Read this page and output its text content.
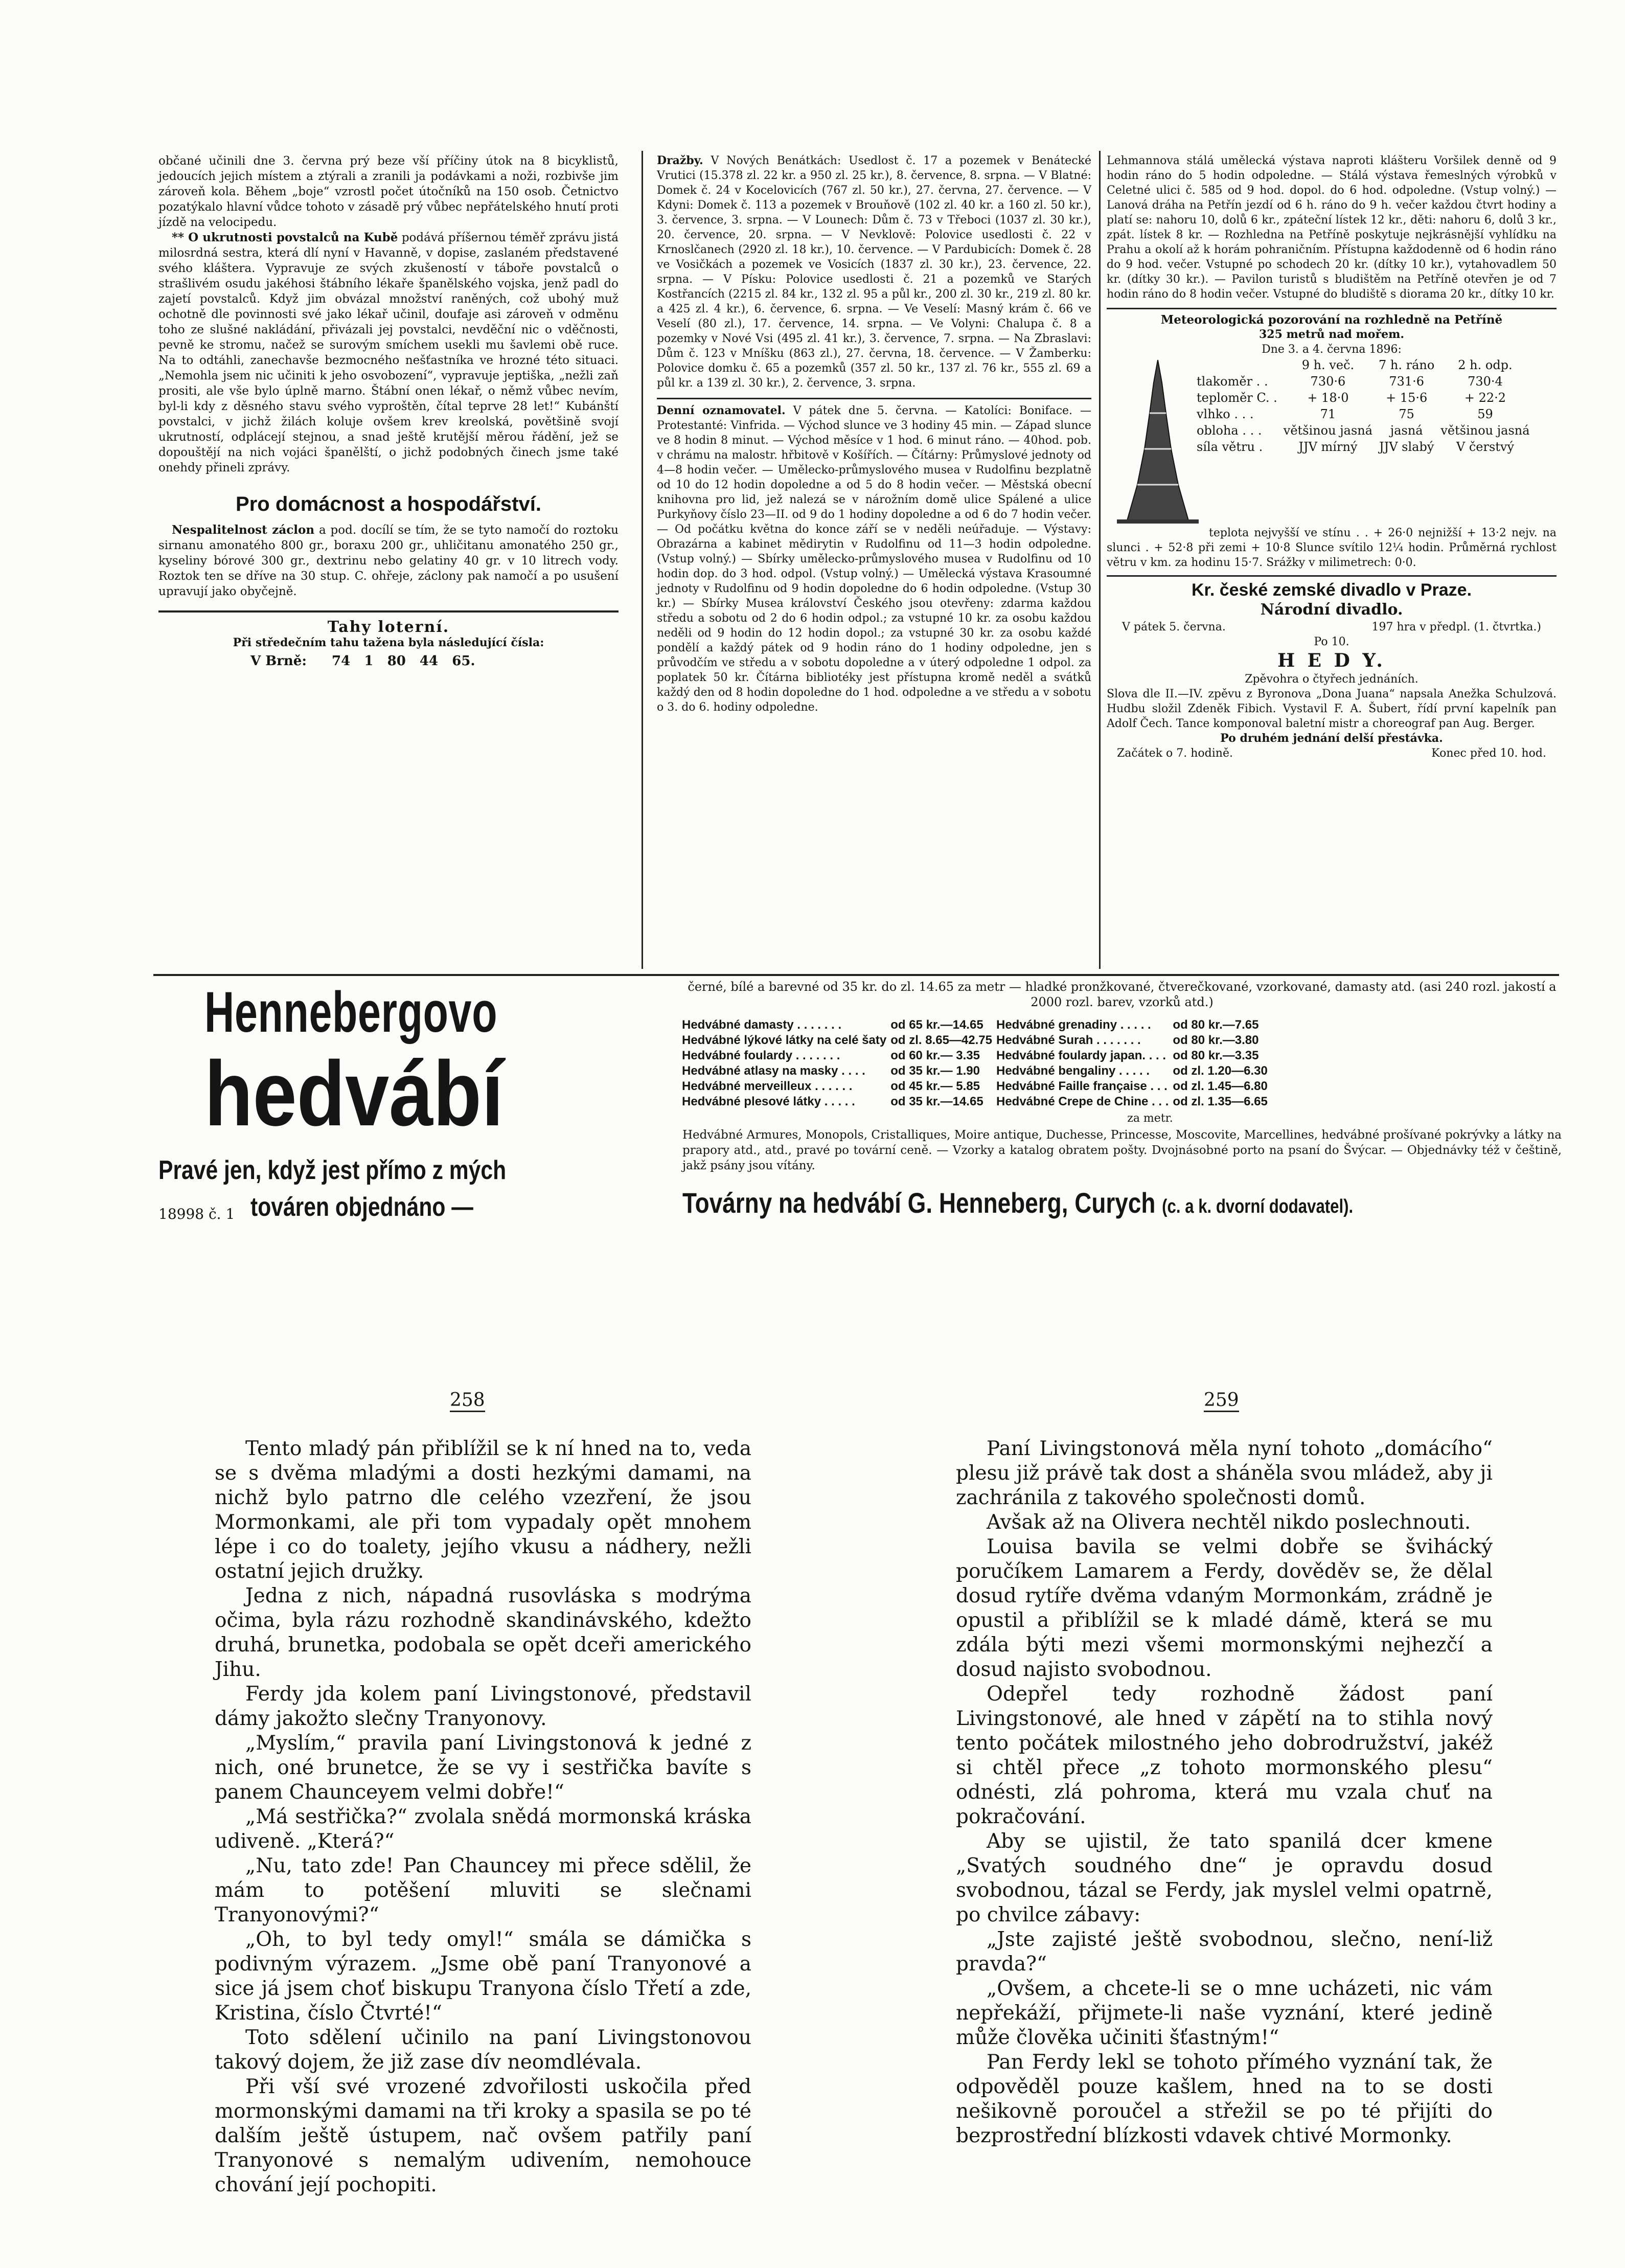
občané učinili dne 3. června prý beze vší příčiny útok na 8 bicyklistů, jedoucích jejich místem a ztýrali a zranili ja podávkami a noži, rozbivše jim zároveň kola. Během „boje“ vzrostl počet útočníků na 150 osob. Četnictvo pozatýkalo hlavní vůdce tohoto v zásadě prý vůbec nepřátelského hnutí proti jízdě na velocipedu.

** O ukrutnosti povstalců na Kubě podává příšernou téměř zprávu jistá milosrdná sestra, která dlí nyní v Havanně, v dopise, zaslaném představené svého kláštera. Vypravuje ze svých zkušeností v táboře povstalců o strašlivém osudu jakéhosi štábního lékaře španělského vojska, jenž padl do zajetí povstalců. Když jim obvázal množství raněných, což ubohý muž ochotně dle povinnosti své jako lékař učinil, doufaje asi zároveň v odměnu toho ze slušné nakládání, přivázali jej povstalci, nevděční nic o vděčnosti, pevně ke stromu, načež se surovým smíchem usekli mu šavlemi obě ruce. Na to odtáhli, zanechavše bezmocného nešťastníka ve hrozné této situaci. „Nemohla jsem nic učiniti k jeho osvobození“, vypravuje jeptiška, „nežli zaň prositi, ale vše bylo úplně marno. Štábní onen lékař, o němž vůbec nevím, byl-li kdy z děsného stavu svého vyproštěn, čítal teprve 28 let!“ Kubánští povstalci, v jichž žilách koluje ovšem krev kreolská, povětšině svojí ukrutností, odplácejí stejnou, a snad ještě krutější měrou řádění, jež se dopouštějí na nich vojáci španělští, o jichž podobných činech jsme také onehdy přineli zprávy.

Pro domácnost a hospodářství.

Nespalitelnost záclon a pod. docílí se tím, že se tyto namočí do roztoku sirnanu amonatého 800 gr., boraxu 200 gr., uhličitanu amonatého 250 gr., kyseliny bórové 300 gr., dextrinu nebo gelatiny 40 gr. v 10 litrech vody. Roztok ten se dříve na 30 stup. C. ohřeje, záclony pak namočí a po usušení upravují jako obyčejně.

Tahy loterní.
Při středečním tahu tažena byla následující čísla:
V Brně: 74   1   80   44   65.

Dražby. V Nových Benátkách: Usedlost č. 17 a pozemek v Benátecké Vrutici (15.378 zl. 22 kr. a 950 zl. 25 kr.), 8. července, 8. srpna. — V Blatné: Domek č. 24 v Kocelovicích (767 zl. 50 kr.), 27. června, 27. července. — V Kdyni: Domek č. 113 a pozemek v Brouňově (102 zl. 40 kr. a 160 zl. 50 kr.), 3. července, 3. srpna. — V Lounech: Dům č. 73 v Třeboci (1037 zl. 30 kr.), 20. července, 20. srpna. — V Nevklově: Polovice usedlosti č. 22 v Krnoslčanech (2920 zl. 18 kr.), 10. července. — V Pardubicích: Domek č. 28 ve Vosičkách a pozemek ve Vosicích (1837 zl. 30 kr.), 23. července, 22. srpna. — V Písku: Polovice usedlosti č. 21 a pozemků ve Starých Kostřancích (2215 zl. 84 kr., 132 zl. 95 a půl kr., 200 zl. 30 kr., 219 zl. 80 kr. a 425 zl. 4 kr.), 6. července, 6. srpna. — Ve Veselí: Masný krám č. 66 ve Veselí (80 zl.), 17. července, 14. srpna. — Ve Volyni: Chalupa č. 8 a pozemky v Nové Vsi (495 zl. 41 kr.), 3. července, 7. srpna. — Na Zbraslavi: Dům č. 123 v Mníšku (863 zl.), 27. června, 18. července. — V Žamberku: Polovice domku č. 65 a pozemků (357 zl. 50 kr., 137 zl. 76 kr., 555 zl. 69 a půl kr. a 139 zl. 30 kr.), 2. července, 3. srpna.

Denní oznamovatel. V pátek dne 5. června. — Katolíci: Boniface. — Protestanté: Vinfrida. — Východ slunce ve 3 hodiny 45 min. — Západ slunce ve 8 hodin 8 minut. — Východ měsíce v 1 hod. 6 minut ráno. — 40hod. pob. v chrámu na malostr. hřbitově v Košířích. — Čítárny: Průmyslové jednoty od 4—8 hodin večer. — Umělecko-průmyslového musea v Rudolfinu bezplatně od 10 do 12 hodin dopoledne a od 5 do 8 hodin večer. — Městská obecní knihovna pro lid, jež nalezá se v nárožním domě ulice Spálené a ulice Purkyňovy číslo 23—II. od 9 do 1 hodiny dopoledne a od 6 do 7 hodin večer. — Od počátku května do konce září se v neděli neúřaduje. — Výstavy: Obrazárna a kabinet mědirytin v Rudolfinu od 11—3 hodin odpoledne. (Vstup volný.) — Sbírky umělecko-průmyslového musea v Rudolfinu od 10 hodin dop. do 3 hod. odpol. (Vstup volný.) — Umělecká výstava Krasoumné jednoty v Rudolfinu od 9 hodin dopoledne do 6 hodin odpoledne. (Vstup 30 kr.) — Sbírky Musea království Českého jsou otevřeny: zdarma každou středu a sobotu od 2 do 6 hodin odpol.; za vstupné 10 kr. za osobu každou neděli od 9 hodin do 12 hodin dopol.; za vstupné 30 kr. za osobu každé pondělí a každý pátek od 9 hodin ráno do 1 hodiny odpoledne, jen s průvodčím ve středu a v sobotu dopoledne a v úterý odpoledne 1 odpol. za poplatek 50 kr. Čítárna bibliotéky jest přístupna kromě neděl a svátků každý den od 8 hodin dopoledne do 1 hod. odpoledne a ve středu a v sobotu o 3. do 6. hodiny odpoledne.

Lehmannova stálá umělecká výstava naproti klášteru Voršilek denně od 9 hodin ráno do 5 hodin odpoledne. — Stálá výstava řemeslných výrobků v Celetné ulici č. 585 od 9 hod. dopol. do 6 hod. odpoledne. (Vstup volný.) — Lanová dráha na Petřín jezdí od 6 h. ráno do 9 h. večer každou čtvrt hodiny a platí se: nahoru 10, dolů 6 kr., zpáteční lístek 12 kr., děti: nahoru 6, dolů 3 kr., zpát. lístek 8 kr. — Rozhledna na Petříně poskytuje nejkrásnější vyhlídku na Prahu a okolí až k horám pohraničním. Přístupna každodenně od 6 hodin ráno do 9 hod. večer. Vstupné po schodech 20 kr. (dítky 10 kr.), vytahovadlem 50 kr. (dítky 30 kr.). — Pavilon turistů s bludištěm na Petříně otevřen je od 7 hodin ráno do 8 hodin večer. Vstupné do bludiště s diorama 20 kr., dítky 10 kr.

Meteorologická pozorování na rozhledně na Petříně
325 metrů nad mořem.
Dne 3. a 4. června 1896:
	9 h. več.	7 h. ráno	2 h. odp.
tlakoměr . .	730·6	731·6	730·4
teploměr C. .	+ 18·0	+ 15·6	+ 22·2
vlhko . . .	71	75	59
oblohа . . .	většinou jasná	jasná	většinou jasná
síla větru .	JJV mírný	JJV slabý	V čerstvý

teplota nejvyšší ve stínu . . + 26·0 nejnižší + 13·2 nejv. na slunci . + 52·8 při zemi + 10·8 Slunce svítilo 12¼ hodin. Průměrná rychlost větru v km. za hodinu 15·7. Srážky v milimetrech: 0·0.

Kr. české zemské divadlo v Praze.
Národní divadlo.
V pátek 5. června.	197 hra v předpl. (1. čtvrtka.)
Po 10.
H E D Y.
Zpěvohra o čtyřech jednáních.

Slova dle II.—IV. zpěvu z Byronova „Dona Juana“ napsala Anežka Schulzová. Hudbu složil Zdeněk Fibich. Vystavil F. A. Šubert, řídí první kapelník pan Adolf Čech. Tance komponoval baletní mistr a choreograf pan Aug. Berger.

Po druhém jednání delší přestávka.
Začátek o 7. hodině.	Konec před 10. hod.
Hennebergovo
hedvábí
Pravé jen, když jest přímo z mých
18998 č. 1 továren objednáno —
černé, bílé a barevné od 35 kr. do zl. 14.65 za metr — hladké pronžkované, čtverečkované, vzorkované, damasty atd. (asi 240 rozl. jakostí a 2000 rozl. barev, vzorků atd.)
Hedvábné damasty . . . . . . .	od 65 kr.—14.65	Hedvábné grenadiny . . . . .	od 80 kr.—7.65
Hedvábné lýkové látky na celé šaty	od zl. 8.65—42.75	Hedvábné Surah . . . . . . .	od 80 kr.—3.80
Hedvábné foulardy . . . . . . .	od 60 kr.— 3.35	Hedvábné foulardy japan. . . .	od 80 kr.—3.35
Hedvábné atlasy na masky . . . .	od 35 kr.— 1.90	Hedvábné bengaliny . . . . .	od zl. 1.20—6.30
Hedvábné merveilleux . . . . . .	od 45 kr.— 5.85	Hedvábné Faille française . . .	od zl. 1.45—6.80
Hedvábné plesové látky . . . . .	od 35 kr.—14.65	Hedvábné Crepe de Chine . . .	od zl. 1.35—6.65
za metr.
Hedvábné Armures, Monopols, Cristalliques, Moire antique, Duchesse, Princesse, Moscovite, Marcellines, hedvábné prošívané pokrývky a látky na prapory atd., atd., pravé po tovární ceně. — Vzorky a katalog obratem pošty. Dvojnásobné porto na psaní do Švýcar. — Objednávky též v češtině, jakž psány jsou vítány.
Továrny na hedvábí G. Henneberg, Curych (c. a k. dvorní dodavatel).
258	259

Tento mladý pán přiblížil se k ní hned na to, veda se s dvěma mladými a dosti hezkými damami, na nichž bylo patrno dle celého vzezření, že jsou Mormonkami, ale při tom vypadaly opět mnohem lépe i co do toalety, jejího vkusu a nádhery, nežli ostatní jejich družky.

Jedna z nich, nápadná rusovláska s modrýma očima, byla rázu rozhodně skandinávského, kdežto druhá, brunetka, podobala se opět dceři amerického Jihu.

Ferdy jda kolem paní Livingstonové, představil dámy jakožto slečny Tranyonovy.

„Myslím,“ pravila paní Livingstonová k jedné z nich, oné brunetce, že se vy i sestřička bavíte s panem Chaunceyem velmi dobře!“

„Má sestřička?“ zvolala snědá mormonská kráska udiveně. „Která?“

„Nu, tato zde! Pan Chauncey mi přece sdělil, že mám to potěšení mluviti se slečnami Tranyonovými?“

„Oh, to byl tedy omyl!“ smála se dámička s podivným výrazem. „Jsme obě paní Tranyonové a sice já jsem choť biskupu Tranyona číslo Třetí a zde, Kristina, číslo Čtvrté!“

Toto sdělení učinilo na paní Livingstonovou takový dojem, že již zase dív neomdlévala.

Při vší své vrozené zdvořilosti uskočila před mormonskými damami na tři kroky a spasila se po té dalším ještě ústupem, nač ovšem patřily paní Tranyonové s nemalým udivením, nemohouce chování její pochopiti.

Paní Livingstonová měla nyní tohoto „domácího“ plesu již právě tak dost a sháněla svou mládež, aby ji zachránila z takového společnosti domů.

Avšak až na Olivera nechtěl nikdo poslechnouti.

Louisa bavila se velmi dobře se švihácký poručíkem Lamarem a Ferdy, dověděv se, že dělal dosud rytíře dvěma vdaným Mormonkám, zrádně je opustil a přiblížil se k mladé dámě, která se mu zdála býti mezi všemi mormonskými nejhezčí a dosud najisto svobodnou.

Odepřel tedy rozhodně žádost paní Livingstonové, ale hned v zápětí na to stihla nový tento počátek milostného jeho dobrodružství, jakéž si chtěl přece „z tohoto mormonského plesu“ odnésti, zlá pohroma, která mu vzala chuť na pokračování.

Aby se ujistil, že tato spanilá dcer kmene „Svatých soudného dne“ je opravdu dosud svobodnou, tázal se Ferdy, jak myslel velmi opatrně, po chvilce zábavy:

„Jste zajisté ještě svobodnou, slečno, není-liž pravda?“

„Ovšem, a chcete-li se o mne ucházeti, nic vám nepřekáží, přijmete-li naše vyznání, které jedině může člověka učiniti šťastným!“

Pan Ferdy lekl se tohoto přímého vyznání tak, že odpověděl pouze kašlem, hned na to se dosti nešikovně poroučel a střežil se po té přijíti do bezprostřední blízkosti vdavek chtivé Mormonky.
